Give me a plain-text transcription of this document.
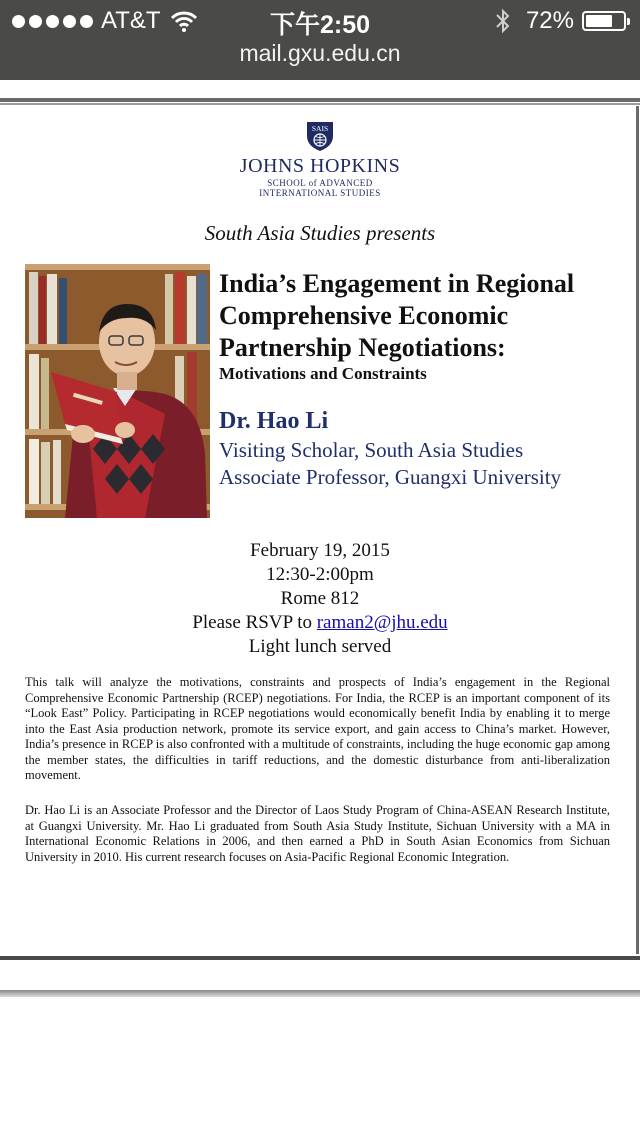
AT&T	下午2:50	72%
mail.gxu.edu.cn
SAIS
JOHNS HOPKINS
SCHOOL of ADVANCED
INTERNATIONAL STUDIES
South Asia Studies presents
India’s Engagement in Regional
Comprehensive Economic
Partnership Negotiations:
Motivations and Constraints
Dr. Hao Li
Visiting Scholar, South Asia Studies
Associate Professor, Guangxi University
February 19, 2015
12:30-2:00pm
Rome 812
Please RSVP to raman2@jhu.edu
Light lunch served

This talk will analyze the motivations, constraints and prospects of India’s engagement in the Regional Comprehensive Economic Partnership (RCEP) negotiations. For India, the RCEP is an important component of its “Look East” Policy. Participating in RCEP negotiations would economically benefit India by enabling it to merge into the East Asia production network, promote its service export, and gain access to China’s market. However, India’s presence in RCEP is also confronted with a multitude of constraints, including the huge economic gap among the member states, the difficulties in tariff reductions, and the domestic disturbance from anti-liberalization movement.

Dr. Hao Li is an Associate Professor and the Director of Laos Study Program of China-ASEAN Research Institute, at Guangxi University. Mr. Hao Li graduated from South Asia Study Institute, Sichuan University with a MA in International Economic Relations in 2006, and then earned a PhD in South Asian Economics from Sichuan University in 2010. His current research focuses on Asia-Pacific Regional Economic Integration.
